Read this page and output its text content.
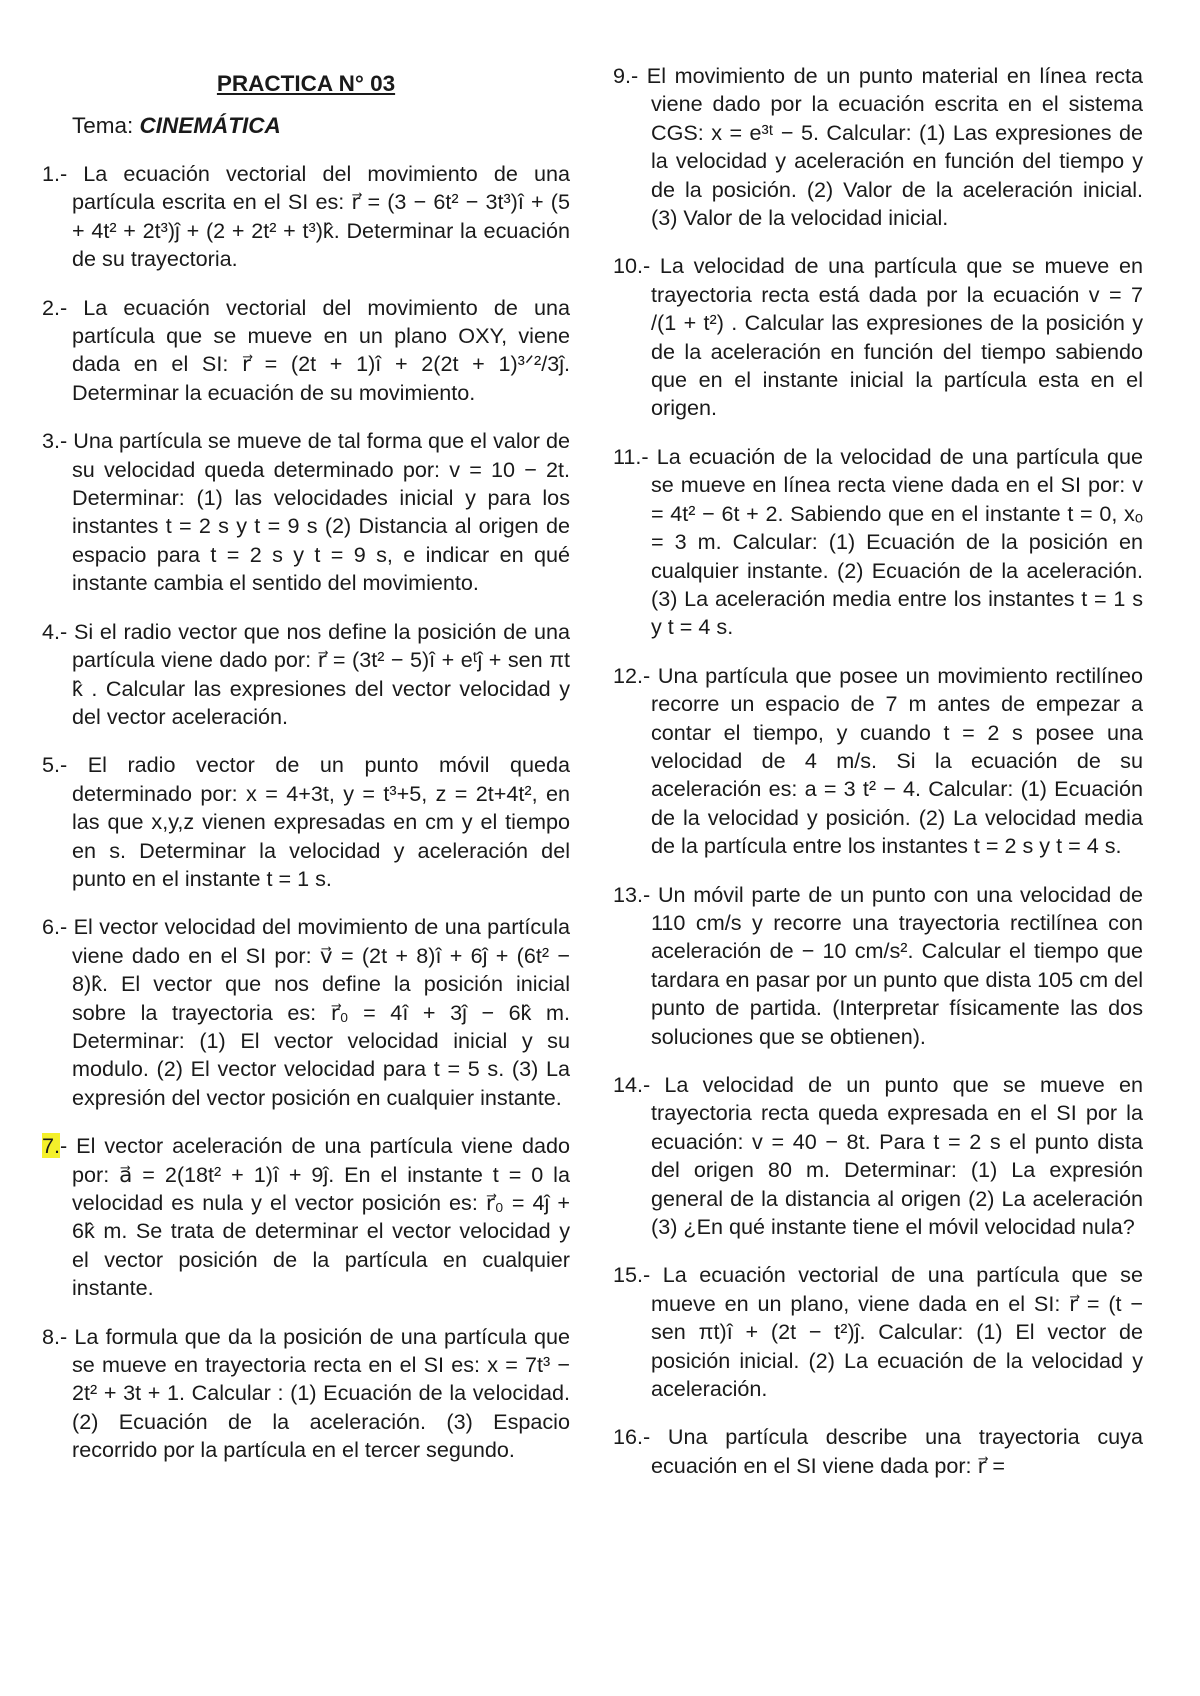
PRACTICA N° 03
Tema: CINEMÁTICA
1.- La ecuación vectorial del movimiento de una partícula escrita en el SI es: r⃗ = (3 − 6t² − 3t³)î + (5 + 4t² + 2t³)ĵ + (2 + 2t² + t³)k̂. Determinar la ecuación de su trayectoria.
2.- La ecuación vectorial del movimiento de una partícula que se mueve en un plano OXY, viene dada en el SI: r⃗ = (2t + 1)î + 2(2t + 1)³ᐟ²/3ĵ. Determinar la ecuación de su movimiento.
3.- Una partícula se mueve de tal forma que el valor de su velocidad queda determinado por: v = 10 − 2t. Determinar: (1) las velocidades inicial y para los instantes t = 2 s y t = 9 s (2) Distancia al origen de espacio para t = 2 s y t = 9 s, e indicar en qué instante cambia el sentido del movimiento.
4.- Si el radio vector que nos define la posición de una partícula viene dado por: r⃗ = (3t² − 5)î + eᵗĵ + sen πt k̂ . Calcular las expresiones del vector velocidad y del vector aceleración.
5.- El radio vector de un punto móvil queda determinado por: x = 4+3t, y = t³+5, z = 2t+4t², en las que x,y,z vienen expresadas en cm y el tiempo en s. Determinar la velocidad y aceleración del punto en el instante t = 1 s.
6.- El vector velocidad del movimiento de una partícula viene dado en el SI por: v⃗ = (2t + 8)î + 6ĵ + (6t² − 8)k̂. El vector que nos define la posición inicial sobre la trayectoria es: r⃗₀ = 4î + 3ĵ − 6k̂ m. Determinar: (1) El vector velocidad inicial y su modulo. (2) El vector velocidad para t = 5 s. (3) La expresión del vector posición en cualquier instante.
7.- El vector aceleración de una partícula viene dado por: a⃗ = 2(18t² + 1)î + 9ĵ. En el instante t = 0 la velocidad es nula y el vector posición es: r⃗₀ = 4ĵ + 6k̂ m. Se trata de determinar el vector velocidad y el vector posición de la partícula en cualquier instante.
8.- La formula que da la posición de una partícula que se mueve en trayectoria recta en el SI es: x = 7t³ − 2t² + 3t + 1. Calcular : (1) Ecuación de la velocidad. (2) Ecuación de la aceleración. (3) Espacio recorrido por la partícula en el tercer segundo.
9.- El movimiento de un punto material en línea recta viene dado por la ecuación escrita en el sistema CGS: x = e³ᵗ − 5. Calcular: (1) Las expresiones de la velocidad y aceleración en función del tiempo y de la posición. (2) Valor de la aceleración inicial. (3) Valor de la velocidad inicial.
10.- La velocidad de una partícula que se mueve en trayectoria recta está dada por la ecuación v = 7 /(1 + t²) . Calcular las expresiones de la posición y de la aceleración en función del tiempo sabiendo que en el instante inicial la partícula esta en el origen.
11.- La ecuación de la velocidad de una partícula que se mueve en línea recta viene dada en el SI por: v = 4t² − 6t + 2. Sabiendo que en el instante t = 0, xₒ = 3 m. Calcular: (1) Ecuación de la posición en cualquier instante. (2) Ecuación de la aceleración. (3) La aceleración media entre los instantes t = 1 s y t = 4 s.
12.- Una partícula que posee un movimiento rectilíneo recorre un espacio de 7 m antes de empezar a contar el tiempo, y cuando t = 2 s posee una velocidad de 4 m/s. Si la ecuación de su aceleración es: a = 3 t² − 4. Calcular: (1) Ecuación de la velocidad y posición. (2) La velocidad media de la partícula entre los instantes t = 2 s y t = 4 s.
13.- Un móvil parte de un punto con una velocidad de 110 cm/s y recorre una trayectoria rectilínea con aceleración de − 10 cm/s². Calcular el tiempo que tardara en pasar por un punto que dista 105 cm del punto de partida. (Interpretar físicamente las dos soluciones que se obtienen).
14.- La velocidad de un punto que se mueve en trayectoria recta queda expresada en el SI por la ecuación: v = 40 − 8t. Para t = 2 s el punto dista del origen 80 m. Determinar: (1) La expresión general de la distancia al origen (2) La aceleración (3) ¿En qué instante tiene el móvil velocidad nula?
15.- La ecuación vectorial de una partícula que se mueve en un plano, viene dada en el SI: r⃗ = (t − sen πt)î + (2t − t²)ĵ. Calcular: (1) El vector de posición inicial. (2) La ecuación de la velocidad y aceleración.
16.- Una partícula describe una trayectoria cuya ecuación en el SI viene dada por: r⃗ =
